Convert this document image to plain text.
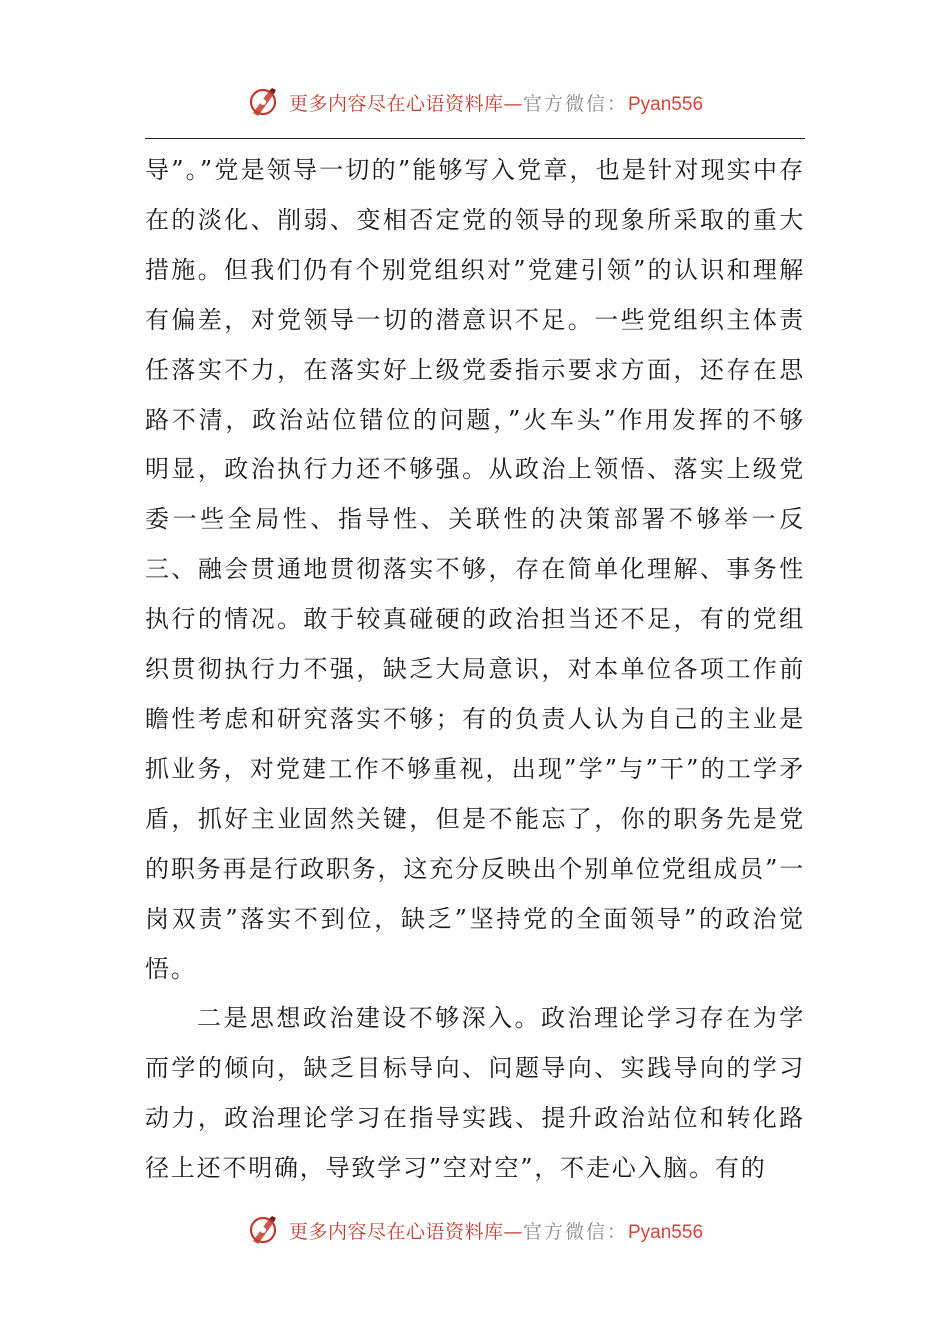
更多内容尽在心语资料库—官方微信：Pyan556

导”。”党是领导一切的”能够写入党章，也是针对现实中存在的淡化、削弱、变相否定党的领导的现象所采取的重大措施。但我们仍有个别党组织对”党建引领”的认识和理解有偏差，对党领导一切的潜意识不足。一些党组织主体责任落实不力，在落实好上级党委指示要求方面，还存在思路不清，政治站位错位的问题，”火车头”作用发挥的不够明显，政治执行力还不够强。从政治上领悟、落实上级党委一些全局性、指导性、关联性的决策部署不够举一反三、融会贯通地贯彻落实不够，存在简单化理解、事务性执行的情况。敢于较真碰硬的政治担当还不足，有的党组织贯彻执行力不强，缺乏大局意识，对本单位各项工作前瞻性考虑和研究落实不够；有的负责人认为自己的主业是抓业务，对党建工作不够重视，出现”学”与”干”的工学矛盾，抓好主业固然关键，但是不能忘了，你的职务先是党的职务再是行政职务，这充分反映出个别单位党组成员”一岗双责”落实不到位，缺乏”坚持党的全面领导”的政治觉悟。

二是思想政治建设不够深入。政治理论学习存在为学而学的倾向，缺乏目标导向、问题导向、实践导向的学习动力，政治理论学习在指导实践、提升政治站位和转化路径上还不明确，导致学习”空对空”，不走心入脑。有的

更多内容尽在心语资料库—官方微信：Pyan556
